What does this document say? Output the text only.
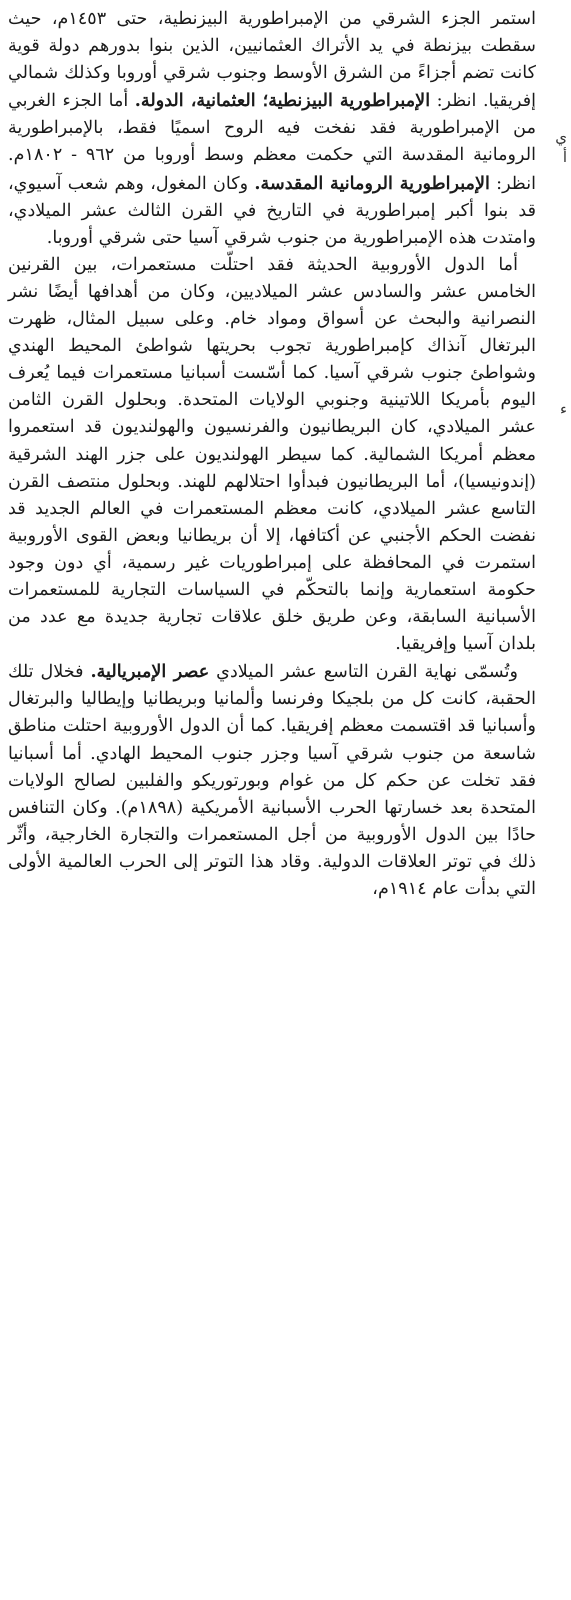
استمر الجزء الشرقي من الإمبراطورية البيزنطية، حتى ١٤٥٣م، حيث سقطت بيزنطة في يد الأتراك العثمانيين، الذين بنوا بدورهم دولة قوية كانت تضم أجزاءً من الشرق الأوسط وجنوب شرقي أوروبا وكذلك شمالي إفريقيا. انظر: الإمبراطورية البيزنطية؛ العثمانية، الدولة. أما الجزء الغربي من الإمبراطورية فقد نفخت فيه الروح اسميًا فقط، بالإمبراطورية الرومانية المقدسة التي حكمت معظم وسط أوروبا من ٩٦٢ - ١٨٠٢م. انظر: الإمبراطورية الرومانية المقدسة. وكان المغول، وهم شعب آسيوي، قد بنوا أكبر إمبراطورية في التاريخ في القرن الثالث عشر الميلادي، وامتدت هذه الإمبراطورية من جنوب شرقي آسيا حتى شرقي أوروبا.

أما الدول الأوروبية الحديثة فقد احتلّت مستعمرات، بين القرنين الخامس عشر والسادس عشر الميلاديين، وكان من أهدافها أيضًا نشر النصرانية والبحث عن أسواق ومواد خام. وعلى سبيل المثال، ظهرت البرتغال آنذاك كإمبراطورية تجوب بحريتها شواطئ المحيط الهندي وشواطئ جنوب شرقي آسيا. كما أسّست أسبانيا مستعمرات فيما يُعرف اليوم بأمريكا اللاتينية وجنوبي الولايات المتحدة. وبحلول القرن الثامن عشر الميلادي، كان البريطانيون والفرنسيون والهولنديون قد استعمروا معظم أمريكا الشمالية. كما سيطر الهولنديون على جزر الهند الشرقية (إندونيسيا)، أما البريطانيون فبدأوا احتلالهم للهند. وبحلول منتصف القرن التاسع عشر الميلادي، كانت معظم المستعمرات في العالم الجديد قد نفضت الحكم الأجنبي عن أكتافها، إلا أن بريطانيا وبعض القوى الأوروبية استمرت في المحافظة على إمبراطوريات غير رسمية، أي دون وجود حكومة استعمارية وإنما بالتحكّم في السياسات التجارية للمستعمرات الأسبانية السابقة، وعن طريق خلق علاقات تجارية جديدة مع عدد من بلدان آسيا وإفريقيا.

وتُسمّى نهاية القرن التاسع عشر الميلادي عصر الإمبريالية. فخلال تلك الحقبة، كانت كل من بلجيكا وفرنسا وألمانيا وبريطانيا وإيطاليا والبرتغال وأسبانيا قد اقتسمت معظم إفريقيا. كما أن الدول الأوروبية احتلت مناطق شاسعة من جنوب شرقي آسيا وجزر جنوب المحيط الهادي. أما أسبانيا فقد تخلت عن حكم كل من غوام وبورتوريكو والفلبين لصالح الولايات المتحدة بعد خسارتها الحرب الأسبانية الأمريكية (١٨٩٨م). وكان التنافس حادًا بين الدول الأوروبية من أجل المستعمرات والتجارة الخارجية، وأثّر ذلك في توتر العلاقات الدولية. وقاد هذا التوتر إلى الحرب العالمية الأولى التي بدأت عام ١٩١٤م،

ي
ء
أ
